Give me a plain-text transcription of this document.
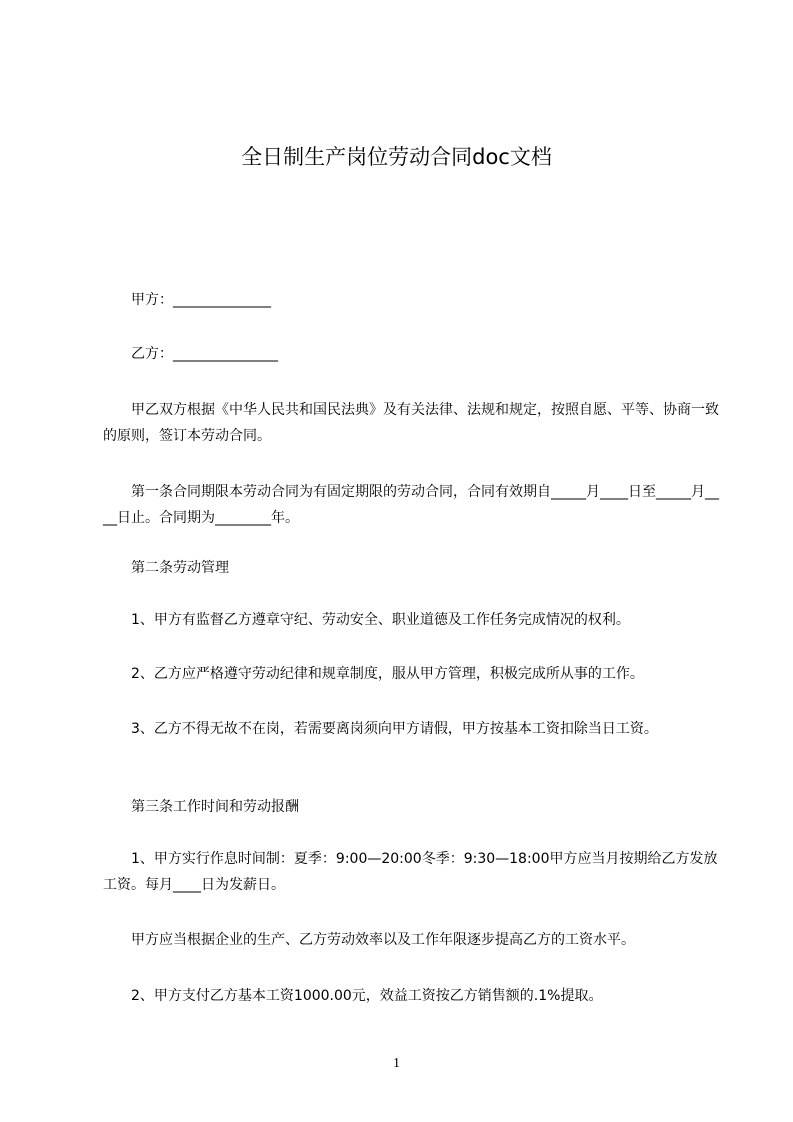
全日制生产岗位劳动合同doc文档
　　甲方：______________
　　乙方：_______________
　　甲乙双方根据《中华人民共和国民法典》及有关法律、法规和规定，按照自愿、平等、协商一致的原则，签订本劳动合同。
　　第一条合同期限本劳动合同为有固定期限的劳动合同，合同有效期自_____月____日至_____月____日止。合同期为________年。
　　第二条劳动管理
　　1、甲方有监督乙方遵章守纪、劳动安全、职业道德及工作任务完成情况的权利。
　　2、乙方应严格遵守劳动纪律和规章制度，服从甲方管理，积极完成所从事的工作。
　　3、乙方不得无故不在岗，若需要离岗须向甲方请假，甲方按基本工资扣除当日工资。
　　第三条工作时间和劳动报酬
　　1、甲方实行作息时间制：夏季：9:00—20:00冬季：9:30—18:00甲方应当月按期给乙方发放工资。每月____日为发薪日。
　　甲方应当根据企业的生产、乙方劳动效率以及工作年限逐步提高乙方的工资水平。
　　2、甲方支付乙方基本工资1000.00元，效益工资按乙方销售额的.1%提取。
1
